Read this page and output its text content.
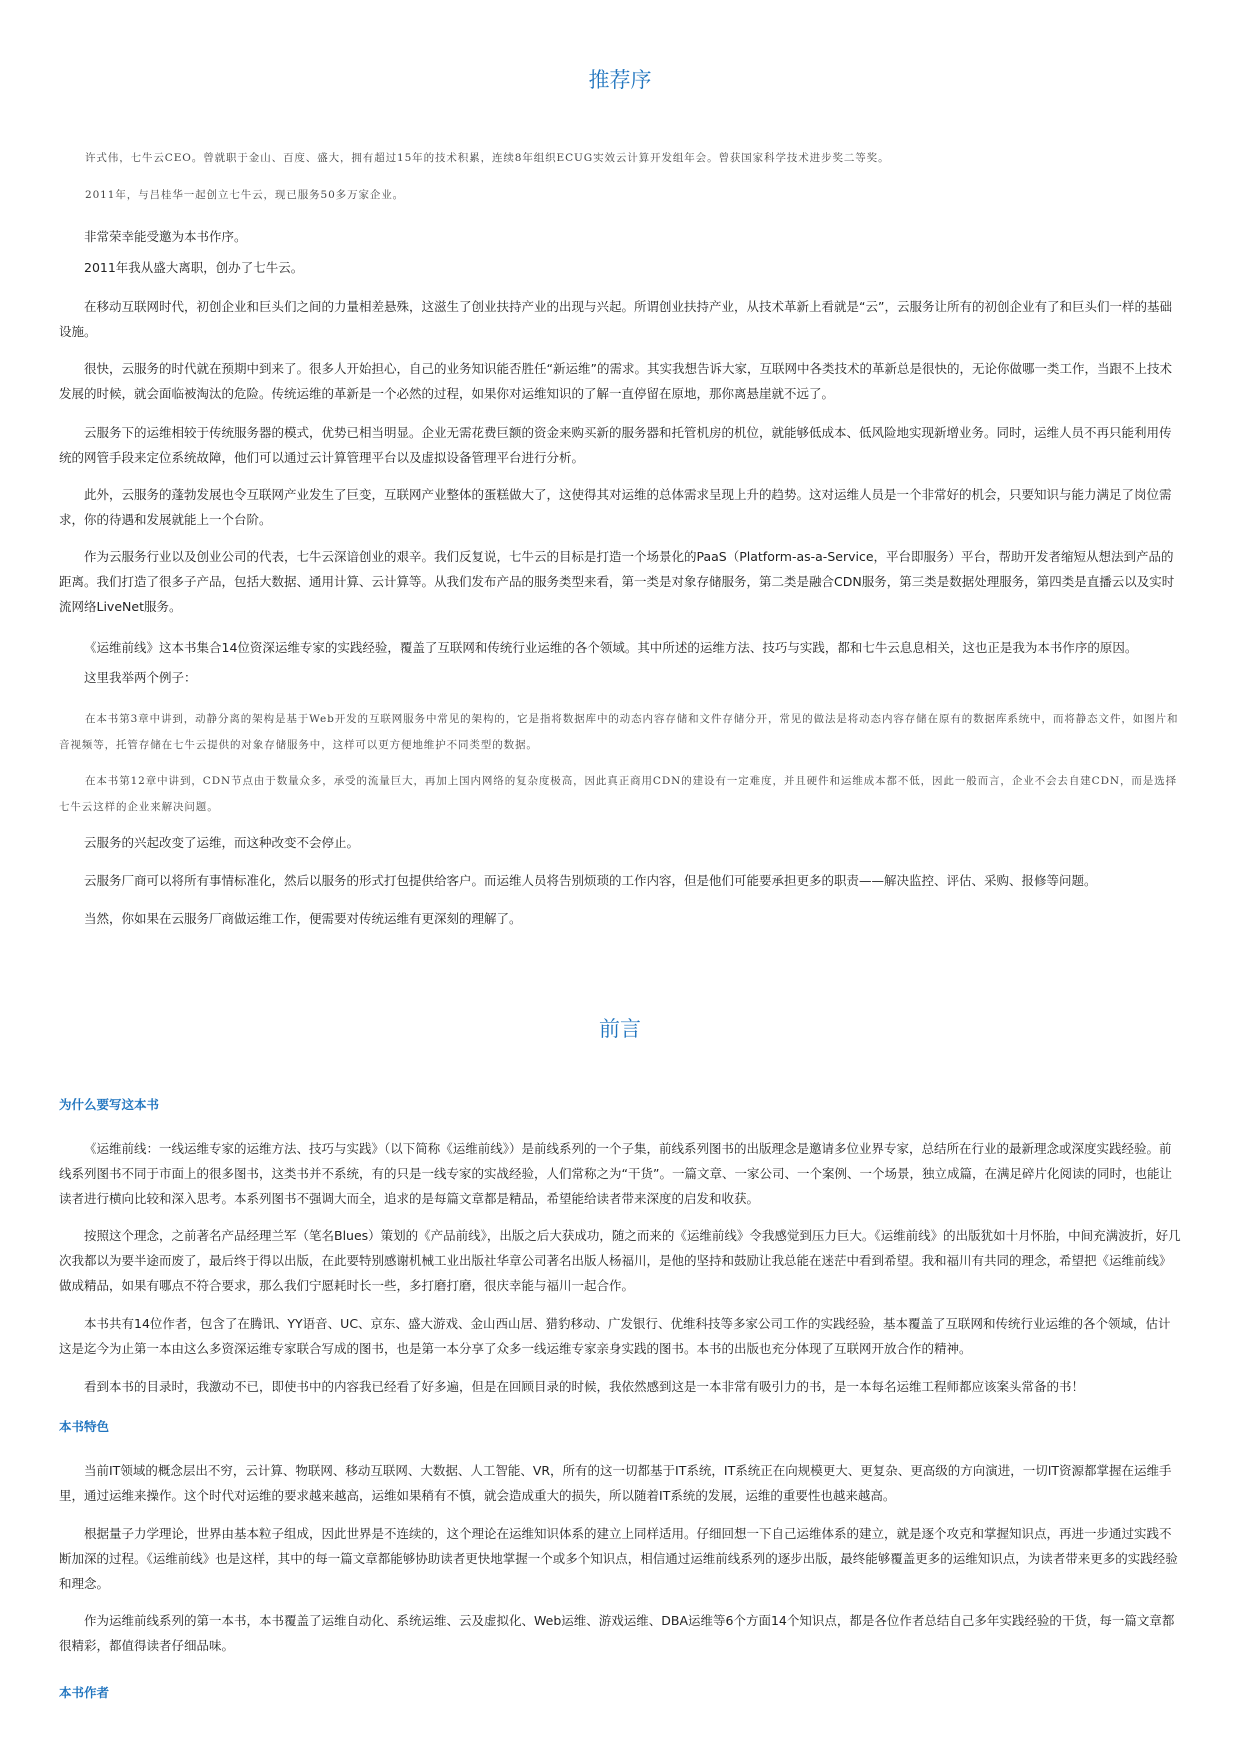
推荐序

许式伟，七牛云CEO。曾就职于金山、百度、盛大，拥有超过15年的技术积累，连续8年组织ECUG实效云计算开发组年会。曾获国家科学技术进步奖二等奖。

2011年，与吕桂华一起创立七牛云，现已服务50多万家企业。

非常荣幸能受邀为本书作序。

2011年我从盛大离职，创办了七牛云。

在移动互联网时代，初创企业和巨头们之间的力量相差悬殊，这滋生了创业扶持产业的出现与兴起。所谓创业扶持产业，从技术革新上看就是“云”，云服务让所有的初创企业有了和巨头们一样的基础设施。

很快，云服务的时代就在预期中到来了。很多人开始担心，自己的业务知识能否胜任“新运维”的需求。其实我想告诉大家，互联网中各类技术的革新总是很快的，无论你做哪一类工作，当跟不上技术发展的时候，就会面临被淘汰的危险。传统运维的革新是一个必然的过程，如果你对运维知识的了解一直停留在原地，那你离悬崖就不远了。

云服务下的运维相较于传统服务器的模式，优势已相当明显。企业无需花费巨额的资金来购买新的服务器和托管机房的机位，就能够低成本、低风险地实现新增业务。同时，运维人员不再只能利用传统的网管手段来定位系统故障，他们可以通过云计算管理平台以及虚拟设备管理平台进行分析。

此外，云服务的蓬勃发展也令互联网产业发生了巨变，互联网产业整体的蛋糕做大了，这使得其对运维的总体需求呈现上升的趋势。这对运维人员是一个非常好的机会，只要知识与能力满足了岗位需求，你的待遇和发展就能上一个台阶。

作为云服务行业以及创业公司的代表，七牛云深谙创业的艰辛。我们反复说，七牛云的目标是打造一个场景化的PaaS（Platform-as-a-Service，平台即服务）平台，帮助开发者缩短从想法到产品的距离。我们打造了很多子产品，包括大数据、通用计算、云计算等。从我们发布产品的服务类型来看，第一类是对象存储服务，第二类是融合CDN服务，第三类是数据处理服务，第四类是直播云以及实时流网络LiveNet服务。

《运维前线》这本书集合14位资深运维专家的实践经验，覆盖了互联网和传统行业运维的各个领域。其中所述的运维方法、技巧与实践，都和七牛云息息相关，这也正是我为本书作序的原因。

这里我举两个例子：

在本书第3章中讲到，动静分离的架构是基于Web开发的互联网服务中常见的架构的，它是指将数据库中的动态内容存储和文件存储分开，常见的做法是将动态内容存储在原有的数据库系统中，而将静态文件，如图片和音视频等，托管存储在七牛云提供的对象存储服务中，这样可以更方便地维护不同类型的数据。

在本书第12章中讲到，CDN节点由于数量众多，承受的流量巨大，再加上国内网络的复杂度极高，因此真正商用CDN的建设有一定难度，并且硬件和运维成本都不低，因此一般而言，企业不会去自建CDN，而是选择七牛云这样的企业来解决问题。

云服务的兴起改变了运维，而这种改变不会停止。

云服务厂商可以将所有事情标准化，然后以服务的形式打包提供给客户。而运维人员将告别烦琐的工作内容，但是他们可能要承担更多的职责——解决监控、评估、采购、报修等问题。

当然，你如果在云服务厂商做运维工作，便需要对传统运维有更深刻的理解了。

前言
为什么要写这本书

《运维前线：一线运维专家的运维方法、技巧与实践》（以下简称《运维前线》）是前线系列的一个子集，前线系列图书的出版理念是邀请多位业界专家，总结所在行业的最新理念或深度实践经验。前线系列图书不同于市面上的很多图书，这类书并不系统，有的只是一线专家的实战经验，人们常称之为“干货”。一篇文章、一家公司、一个案例、一个场景，独立成篇，在满足碎片化阅读的同时，也能让读者进行横向比较和深入思考。本系列图书不强调大而全，追求的是每篇文章都是精品，希望能给读者带来深度的启发和收获。

按照这个理念，之前著名产品经理兰军（笔名Blues）策划的《产品前线》，出版之后大获成功，随之而来的《运维前线》令我感觉到压力巨大。《运维前线》的出版犹如十月怀胎，中间充满波折，好几次我都以为要半途而废了，最后终于得以出版，在此要特别感谢机械工业出版社华章公司著名出版人杨福川，是他的坚持和鼓励让我总能在迷茫中看到希望。我和福川有共同的理念，希望把《运维前线》做成精品，如果有哪点不符合要求，那么我们宁愿耗时长一些，多打磨打磨，很庆幸能与福川一起合作。

本书共有14位作者，包含了在腾讯、YY语音、UC、京东、盛大游戏、金山西山居、猎豹移动、广发银行、优维科技等多家公司工作的实践经验，基本覆盖了互联网和传统行业运维的各个领域，估计这是迄今为止第一本由这么多资深运维专家联合写成的图书，也是第一本分享了众多一线运维专家亲身实践的图书。本书的出版也充分体现了互联网开放合作的精神。

看到本书的目录时，我激动不已，即使书中的内容我已经看了好多遍，但是在回顾目录的时候，我依然感到这是一本非常有吸引力的书，是一本每名运维工程师都应该案头常备的书！

本书特色

当前IT领域的概念层出不穷，云计算、物联网、移动互联网、大数据、人工智能、VR，所有的这一切都基于IT系统，IT系统正在向规模更大、更复杂、更高级的方向演进，一切IT资源都掌握在运维手里，通过运维来操作。这个时代对运维的要求越来越高，运维如果稍有不慎，就会造成重大的损失，所以随着IT系统的发展，运维的重要性也越来越高。

根据量子力学理论，世界由基本粒子组成，因此世界是不连续的，这个理论在运维知识体系的建立上同样适用。仔细回想一下自己运维体系的建立，就是逐个攻克和掌握知识点，再进一步通过实践不断加深的过程。《运维前线》也是这样，其中的每一篇文章都能够协助读者更快地掌握一个或多个知识点，相信通过运维前线系列的逐步出版，最终能够覆盖更多的运维知识点，为读者带来更多的实践经验和理念。

作为运维前线系列的第一本书，本书覆盖了运维自动化、系统运维、云及虚拟化、Web运维、游戏运维、DBA运维等6个方面14个知识点，都是各位作者总结自己多年实践经验的干货，每一篇文章都很精彩，都值得读者仔细品味。

本书作者
